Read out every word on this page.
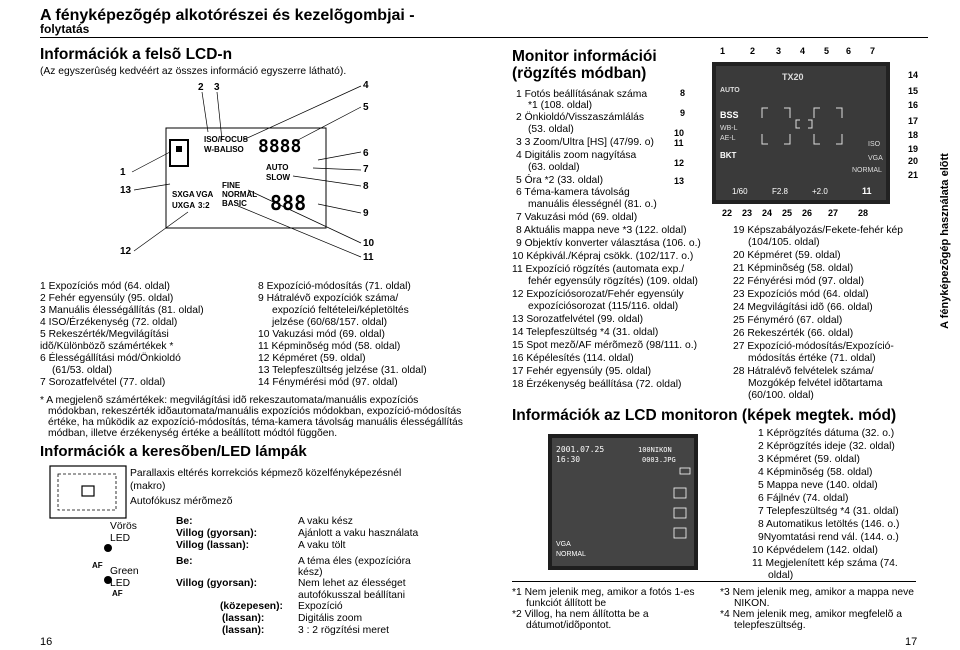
A fényképezõgép alkotórészei és kezelõgombjai -
folytatás
Információk a felsõ LCD-n
(Az egyszerûség kedvéért az összes információ egyszerre látható).
2 3	4
5
1
13
6
7
8
9
10
11
12
ISO/FOCUS
W-BAL ISO 8888
AUTO
SLOW
FINE
NORMAL
BASIC
SXGA VGA
UXGA 3:2	888
1 Expozíciós mód (64. oldal)
2 Fehér egyensúly (95. oldal)
3 Manuális élességállítás (81. oldal)
4 ISO/Érzékenység (72. oldal)
5 Rekeszérték/Megvilágítási
idõ/Különbözõ számértékek *
6 Élességállítási mód/Önkioldó
(61/53. oldal)
7 Sorozatfelvétel (77. oldal)
8 Expozíció-módosítás (71. oldal)
9 Hátralévõ expozíciók száma/
expozíció feltételei/képletöltés
jelzése (60/68/157. oldal)
10 Vakuzási mód (69. oldal)
11 Képminõség mód (58. oldal)
12 Képméret (59. oldal)
13 Telepfeszültség jelzése (31. oldal)
14 Fénymérési mód (97. oldal)
* A megjelenõ számértékek: megvilágítási idõ rekeszautomata/manuális expozíciós
módokban, rekeszérték idõautomata/manuális expozíciós módokban, expozíció-módosítás
értéke, ha mûködik az expozíció-módosítás, téma-kamera távolság manuális élességállítás
módban, illetve érzékenység értéke a beállított módtól függõen.
Információk a keresõben/LED lámpák
AF
AF
Parallaxis eltérés korrekciós képmezõ közelfényképezésnél
(makro)
Autofókusz mérõmezõ
Vörös
LED
Green
LED
Be:	A vaku kész
Villog (gyorsan):	Ajánlott a vaku használata
Villog (lassan):	A vaku tölt
Be:	A téma éles (expozícióra
kész)
Villog (gyorsan):	Nem lehet az élességet
autofókusszal beállítani
(közepesen): Expozíció
(lassan):	Digitális zoom
(lassan):	3 : 2 rögzítési meret
16
Monitor információi
(rögzítés módban)
1	2 3 4 5 6 7
8
9
10
11
12
13
14
15
16
17
18
19
20
21
22 23 24 25 26 27 28
TX20
AUTO
BSS
WB-L
AE-L
BKT
NORMAL
VGA
ISO
1/60	F2.8	+2.0	11
1 Fotós beállításának száma
*1 (108. oldal)
2 Önkioldó/Visszaszámlálás
(53. oldal)
3 3 Zoom/Ultra [HS] (47/99. o)
4 Digitális zoom nagyítása
(63. ooldal)
5 Óra *2 (33. oldal)
6 Téma-kamera távolság
manuális élességnél (81. o.)
7 Vakuzási mód (69. oldal)
8 Aktuális mappa neve *3 (122. oldal)
9 Objektív konverter választása (106. o.)
10 Képkivál./Képraj csökk. (102/117. o.)
11 Expozíció rögzítés (automata exp./
fehér egyensúly rögzítés) (109. oldal)
12 Expozíciósorozat/Fehér egyensúly
expozíciósorozat (115/116. oldal)
13 Sorozatfelvétel (99. oldal)
14 Telepfeszültség *4 (31. oldal)
15 Spot mezõ/AF mérõmezõ (98/111. o.)
16 Képélesítés (114. oldal)
17 Fehér egyensúly (95. oldal)
18 Érzékenység beállítása (72. oldal)
19 Képszabályozás/Fekete-fehér kép
(104/105. oldal)
20 Képméret (59. oldal)
21 Képminõség (58. oldal)
22 Fényérési mód (97. oldal)
23 Expozíciós mód (64. oldal)
24 Megvilágítási idõ (66. oldal)
25 Fényméró (67. oldal)
26 Rekeszérték (66. oldal)
27 Expozíció-módosítás/Expozíció-
módosítás értéke (71. oldal)
28 Hátralévõ felvételek száma/
Mozgókép felvétel idõtartama
(60/100. oldal)
Információk az LCD monitoron (képek megtek. mód)
2001.07.25
16:30
100NIKON
0003.JPG
NORMAL
VGA
1 Képrögzítés dátuma (32. o.)
2 Képrögzítés ideje (32. oldal)
3 Képméret (59. oldal)
4 Képminõség (58. oldal)
5 Mappa neve (140. oldal)
6 Fájlnév (74. oldal)
7 Telepfeszültség *4 (31. oldal)
8 Automatikus letöltés (146. o.)
9Nyomtatási rend vál. (144. o.)
10 Képvédelem (142. oldal)
11 Megjelenített kép száma (74.
oldal)
*1 Nem jelenik meg, amikor a fotós 1-es
funkciót állított be
*2 Villog, ha nem állította be a
dátumot/idõpontot.
*3 Nem jelenik meg, amikor a mappa neve
NIKON.
*4 Nem jelenik meg, amikor megfelelõ a
telepfeszültség.
17
A fényképezõgép használata elõtt
